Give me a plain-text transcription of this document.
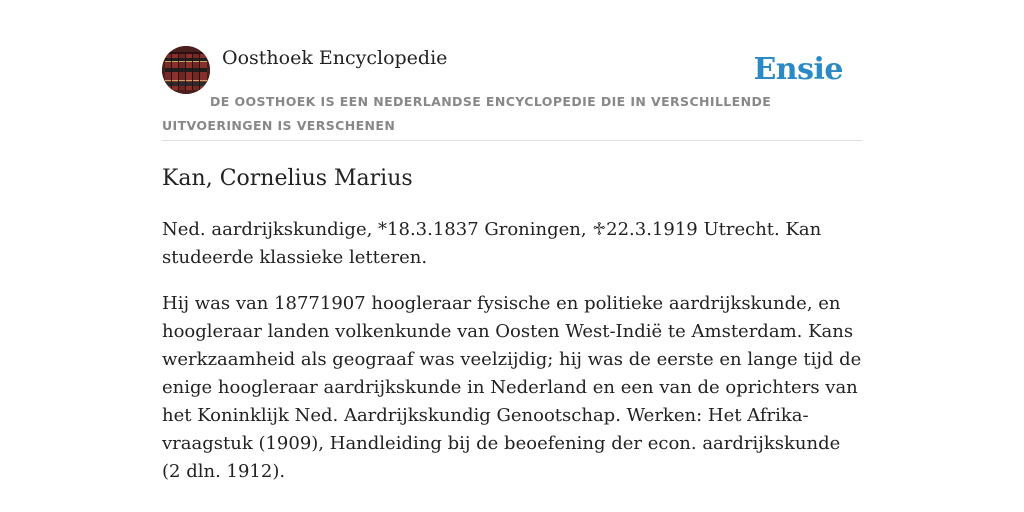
Oosthoek Encyclopedie	Ensie
DE OOSTHOEK IS EEN NEDERLANDSE ENCYCLOPEDIE DIE IN VERSCHILLENDE UITVOERINGEN IS VERSCHENEN
Kan, Cornelius Marius

Ned. aardrijkskundige, *18.3.1837 Groningen, ♱22.3.1919 Utrecht. Kan studeerde klassieke letteren.

Hij was van 18771907 hoogleraar fysische en politieke aardrijkskunde, en hoogleraar landen volkenkunde van Oosten West-Indië te Amsterdam. Kans werkzaamheid als geograaf was veelzijdig; hij was de eerste en lange tijd de enige hoogleraar aardrijkskunde in Nederland en een van de oprichters van het Koninklijk Ned. Aardrijkskundig Genootschap. Werken: Het Afrika-vraagstuk (1909), Handleiding bij de beoefening der econ. aardrijkskunde (2 dln. 1912).
